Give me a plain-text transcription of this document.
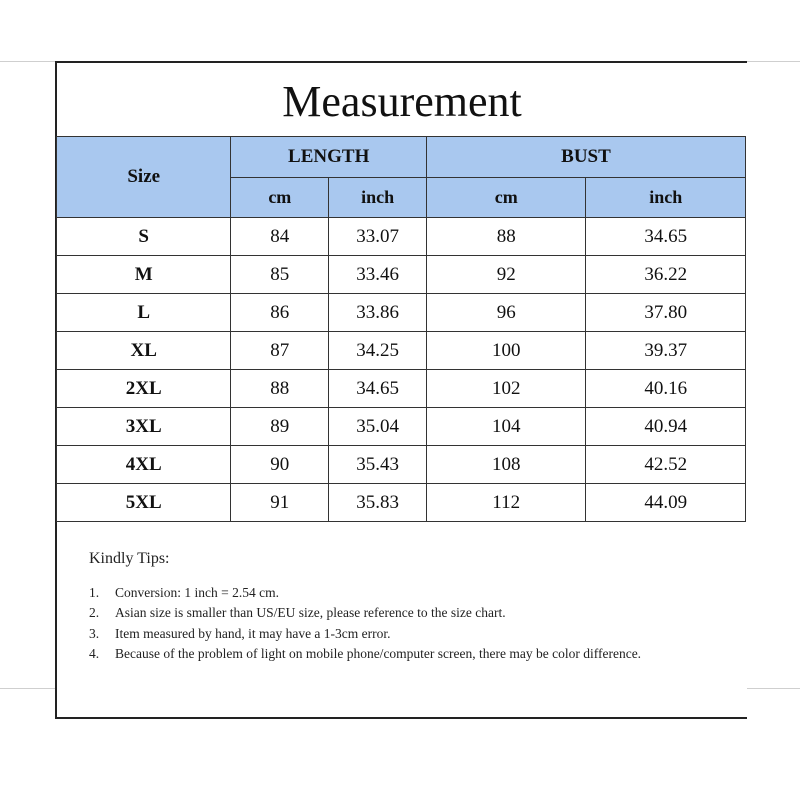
Measurement
Size	LENGTH		BUST	
	cm	inch	cm	inch
S	84	33.07	88	34.65
M	85	33.46	92	36.22
L	86	33.86	96	37.80
XL	87	34.25	100	39.37
2XL	88	34.65	102	40.16
3XL	89	35.04	104	40.94
4XL	90	35.43	108	42.52
5XL	91	35.83	112	44.09
Kindly Tips:
1.	Conversion: 1 inch = 2.54 cm.
2.	Asian size is smaller than US/EU size, please reference to the size chart.
3.	Item measured by hand, it may have a 1-3cm error.
4.	Because of the problem of light on mobile phone/computer screen, there may be color difference.
